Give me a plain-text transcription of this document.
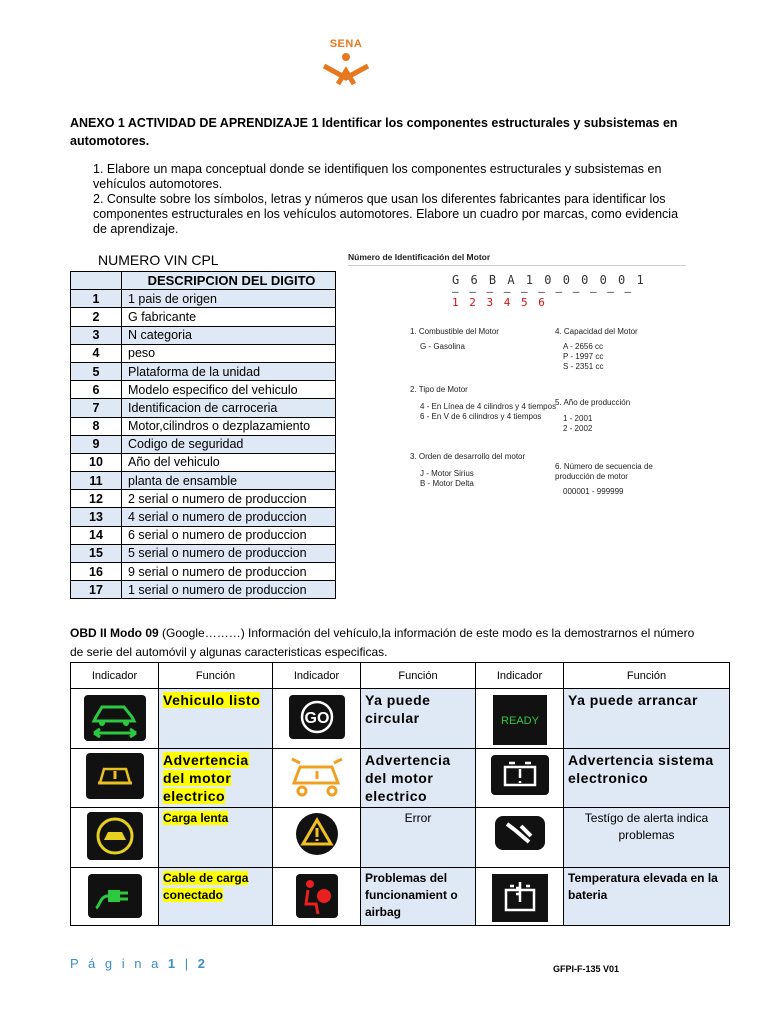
SENA
ANEXO 1 ACTIVIDAD DE APRENDIZAJE 1 Identificar los componentes estructurales y subsistemas en automotores.

1. Elabore un mapa conceptual donde se identifiquen los componentes estructurales y subsistemas en vehículos automotores.

2. Consulte sobre los símbolos, letras y números que usan los diferentes fabricantes para identificar los componentes estructurales en los vehículos automotores. Elabore un cuadro por marcas, como evidencia de aprendizaje.

NUMERO VIN CPL
	DESCRIPCION DEL DIGITO
1	1 pais de origen
2	G fabricante
3	N categoria
4	peso
5	Plataforma de la unidad
6	Modelo especifico del vehiculo
7	Identificacion de carroceria
8	Motor,cilindros o dezplazamiento
9	Codigo de seguridad
10	Año del vehiculo
11	planta de ensamble
12	2 serial o numero de produccion
13	4 serial o numero de produccion
14	6 serial o numero de produccion
15	5 serial o numero de produccion
16	9 serial o numero de produccion
17	1 serial o numero de produccion
Número de Identificación del Motor
G 6 B A 1 0 0 0 0 0 1
— — — — — — — — — — —
1 2 3 4 5 6
1. Combustible del Motor
G - Gasolina
2. Tipo de Motor
4 - En Línea de 4 cilindros y 4 tiempos
6 - En V de 6 cilindros y 4 tiempos
3. Orden de desarrollo del motor
J - Motor Sirius
B - Motor Delta
4. Capacidad del Motor
A - 2656 cc
P - 1997 cc
S - 2351 cc
5. Año de producción
1 - 2001
2 - 2002
6. Número de secuencia de producción de motor
000001 - 999999
OBD II Modo 09 (Google………) Información del vehículo,la información de este modo es la demostrarnos el número de serie del automóvil y algunas caracteristicas especificas.
Indicador	Función	Indicador	Función	Indicador	Función

	Vehiculo listo	GO	Ya puede circular	READY	Ya puede arrancar

	Advertencia del motor electrico		Advertencia del motor electrico		Advertencia sistema electronico

	Carga lenta		Error		Testígo de alerta indica problemas

	Cable de carga conectado		Problemas del funcionamient o airbag		Temperatura elevada en la bateria
P á g i n a 1 | 2	GFPI-F-135 V01
